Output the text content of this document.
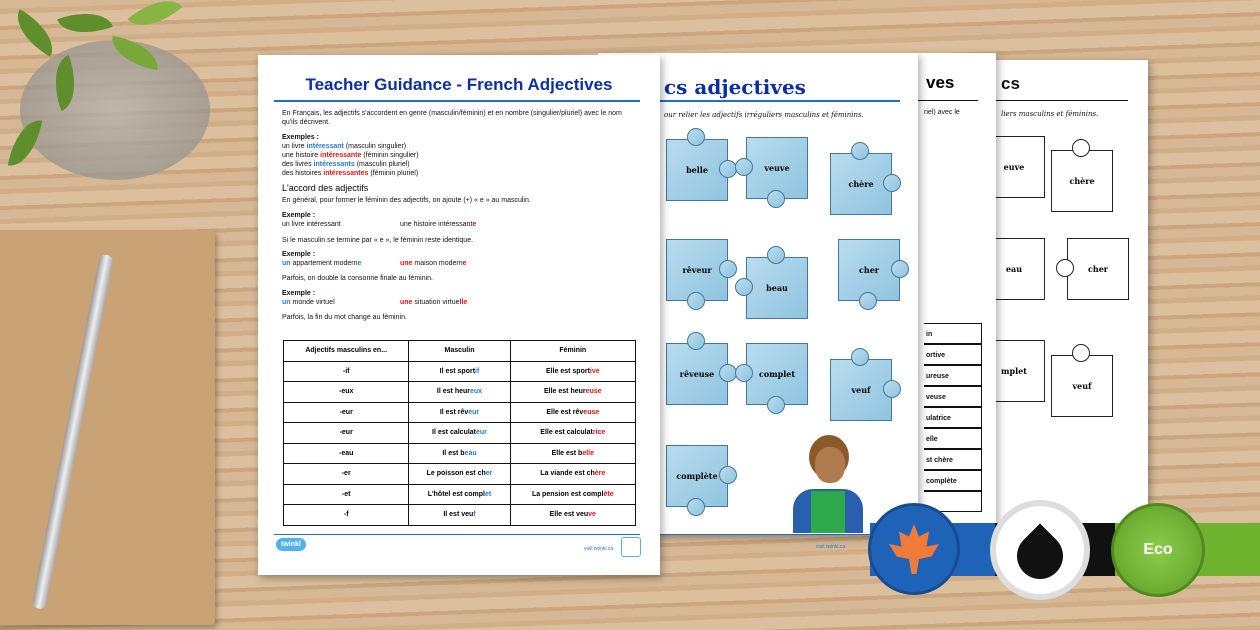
cs
liers masculins et féminins.
euve
chère
eau	cher
mplet
veuf
ves
riel) avec le
in
ortive
ureuse
veuse
ulatrice
elle
st chère
complète
cs adjectives
our relier les adjectifs irréguliers masculins et féminins.
belle	veuve
chère
rêveur
beau
cher
rêveuse	complet
veuf
complète
visit twinkl.ca
Teacher Guidance - French Adjectives
En Français, les adjectifs s'accordent en genre (masculin/féminin) et en nombre (singulier/pluriel) avec le nom qu'ils décrivent.
Exemples :
un livre intéressant (masculin singulier)
une histoire intéressante (féminin singulier)
des livres intéressants (masculin pluriel)
des histoires intéressantes (féminin pluriel)
L'accord des adjectifs
En général, pour former le féminin des adjectifs, on ajoute (+) « e » au masculin.
Exemple :
un livre intéressant	une histoire intéressante
Si le masculin se termine par « e », le féminin reste identique.
Exemple :
un appartement moderne	une maison moderne
Parfois, on double la consonne finale au féminin.
Exemple :
un monde virtuel	une situation virtuelle
Parfois, la fin du mot change au féminin.
Adjectifs masculins en...	Masculin	Féminin
-if	Il est sportif	Elle est sportive
-eux	Il est heureux	Elle est heureuse
-eur	Il est rêveur	Elle est rêveuse
-eur	Il est calculateur	Elle est calculatrice
-eau	Il est beau	Elle est belle
-er	Le poisson est cher	La viande est chère
-et	L'hôtel est complet	La pension est complète
-f	Il est veuf	Elle est veuve
twinkl
visit twinkl.ca	Eco
